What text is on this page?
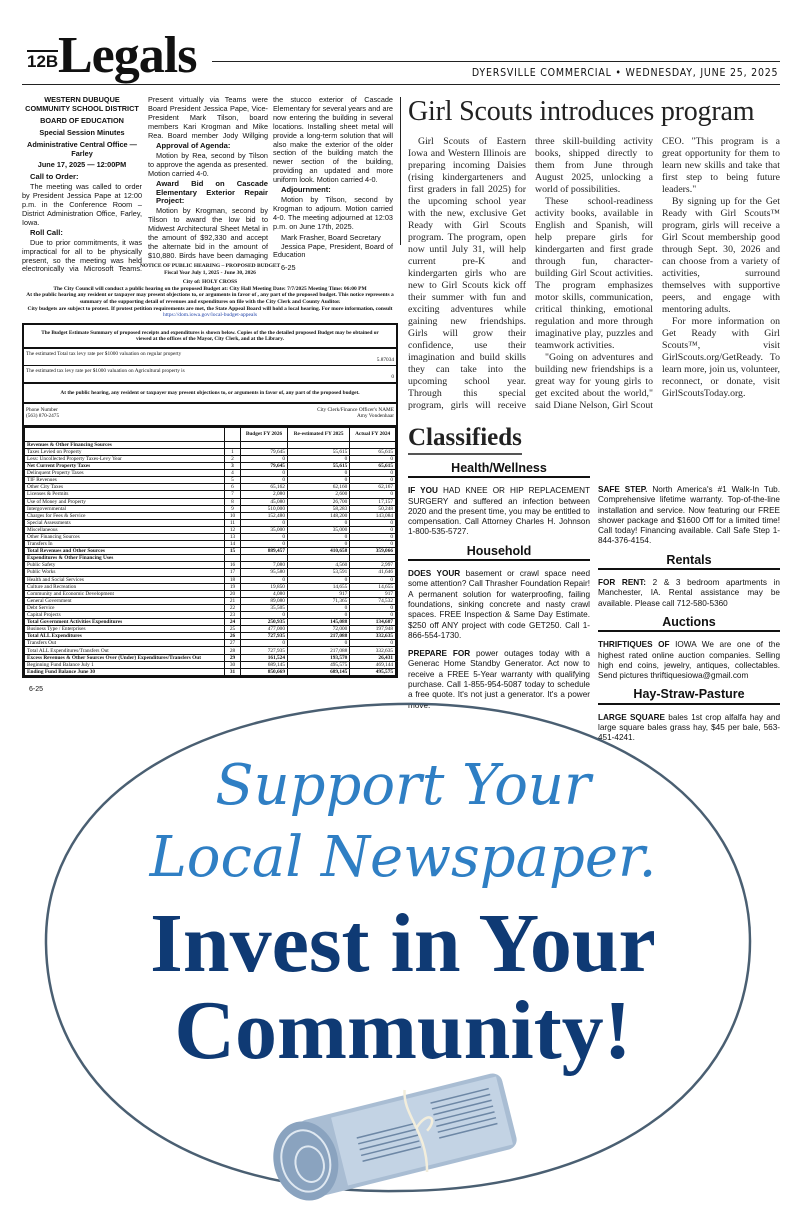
12B Legals	DYERSVILLE COMMERCIAL • WEDNESDAY, JUNE 25, 2025
WESTERN DUBUQUE COMMUNITY SCHOOL DISTRICT
BOARD OF EDUCATION
Special Session Minutes
Administrative Central Office — Farley
June 17, 2025 — 12:00PM
Call to Order:

The meeting was called to order by President Jessica Pape at 12:00 p.m. in the Conference Room – District Administration Office, Farley, Iowa.

Roll Call:

Due to prior commitments, it was impractical for all to be physically present, so the meeting was held electronically via Microsoft Teams.

Present virtually via Teams were Board President Jessica Pape, Vice-President Mark Tilson, board members Kari Krogman and Mike Rea. Board member Jody Willging

Approval of Agenda:

Motion by Rea, second by Tilson to approve the agenda as presented. Motion carried 4-0.

Award Bid on Cascade Elementary Exterior Repair Project:

Motion by Krogman, second by Tilson to award the low bid to Midwest Architectural Sheet Metal in the amount of $92,330 and accept the alternate bid in the amount of $10,880. Birds have been damaging

the stucco exterior of Cascade Elementary for several years and are now entering the building in several locations. Installing sheet metal will provide a long-term solution that will also make the exterior of the older section of the building match the newer section of the building, providing an updated and more uniform look. Motion carried 4-0.

Adjournment:

Motion by Tilson, second by Krogman to adjourn. Motion carried 4-0. The meeting adjourned at 12:03 p.m. on June 17th, 2025.

Mark Frasher, Board Secretary

Jessica Pape, President, Board of Education

6-25

NOTICE OF PUBLIC HEARING – PROPOSED BUDGET
Fiscal Year July 1, 2025 - June 30, 2026
City of: HOLY CROSS
The City Council will conduct a public hearing on the proposed Budget at: City Hall Meeting Date: 7/7/2025 Meeting Time: 06:00 PM
At the public hearing any resident or taxpayer may present objections to, or arguments in favor of , any part of the proposed budget. This notice represents a summary of the supporting detail of revenues and expenditures on file with the City Clerk and County Auditor.
City budgets are subject to protest. If protest petition requirements are met, the State Appeal Board will hold a local hearing. For more information, consult
https://dom.iowa.gov/local-budget-appeals
The Budget Estimate Summary of proposed receipts and expenditures is shown below. Copies of the the detailed proposed Budget may be obtained or viewed at the offices of the Mayor, City Clerk, and at the Library.
The estimated Total tax levy rate per $1000 valuation on regular property
5.87034
The estimated tax levy rate per $1000 valuation on Agricultural property is
0
At the public hearing, any resident or taxpayer may present objections to, or arguments in favor of, any part of the proposed budget.
Phone Number
(563) 870-2475
City Clerk/Finance Officer's NAME
Amy Vondenhaar
		Budget FY 2026	Re-estimated FY 2025	Actual FY 2024
Revenues & Other Financing Sources				
Taxes Levied on Property	1	79,645	55,615	65,615
Less: Uncollected Property Taxes-Levy Year	2	0	0	0
Net Current Property Taxes	3	79,645	55,615	65,615
Delinquent Property Taxes	4	0	0	0
TIF Revenues	5	0	0	0
Other City Taxes	6	65,162	62,160	62,167
Licenses & Permits	7	2,080	2,600	0
Use of Money and Property	8	45,080	26,700	17,157
Intergovernmental	9	510,000	58,283	50,248
Charges for Fees & Service	10	152,480	148,200	143,084
Special Assessments	11	0	0	0
Miscellaneous	12	35,000	35,000	0
Other Financing Sources	13	0	0	0
Transfers In	14	0	0	0
Total Revenues and Other Sources	15	889,457	410,658	359,066
Expenditures & Other Financing Uses				
Public Safety	16	7,080	4,560	2,997
Public Works	17	95,580	53,591	41,646
Health and Social Services	18	0	0	0
Culture and Recreation	19	19,850	14,655	14,655
Community and Economic Development	20	4,080	917	917
General Government	21	89,080	71,365	74,532
Debt Service	22	35,505	0	0
Capital Projects	23	0	0	0
Total Government Activities Expenditures	24	250,935	145,088	134,687
Business Type / Enterprises	25	477,000	72,000	197,948
Total ALL Expenditures	26	727,935	217,088	332,635
Transfers Out	27	0	0	0
Total ALL Expenditures/Transfers Out	28	727,935	217,088	332,635
Excess Revenues & Other Sources Over (Under) Expenditures/Transfers Out	29	161,524	193,570	26,431
Beginning Fund Balance July 1	30	689,145	495,575	469,144
Ending Fund Balance June 30	31	850,669	689,145	495,575
6-25
Girl Scouts introduces program

Girl Scouts of Eastern Iowa and Western Illinois are preparing incoming Daisies (rising kindergarteners and first graders in fall 2025) for the upcoming school year with the new, exclusive Get Ready with Girl Scouts program. The program, open now until July 31, will help current pre-K and kindergarten girls who are new to Girl Scouts kick off their summer with fun and exciting adventures while gaining new friendships. Girls will grow their confidence, use their imagination and build skills they can take into the upcoming school year. Through this special program, girls will receive three skill-building activity books, shipped directly to them from June through August 2025, unlocking a world of possibilities.

These school-readiness activity books, available in English and Spanish, will help prepare girls for kindergarten and first grade through fun, character-building Girl Scout activities. The program emphasizes motor skills, communication, critical thinking, emotional regulation and more through imaginative play, puzzles and teamwork activities.

"Going on adventures and building new friendships is a great way for young girls to get excited about the world," said Diane Nelson, Girl Scout CEO. "This program is a great opportunity for them to learn new skills and take that first step to being future leaders."

By signing up for the Get Ready with Girl Scouts™ program, girls will receive a Girl Scout membership good through Sept. 30, 2026 and can choose from a variety of activities, surround themselves with supportive peers, and engage with mentoring adults.

For more information on Get Ready with Girl Scouts™, visit GirlScouts.org/GetReady. To learn more, join us, volunteer, reconnect, or donate, visit GirlScoutsToday.org.

Classifieds
Health/Wellness

IF YOU HAD KNEE OR HIP REPLACEMENT SURGERY and suffered an infection between 2020 and the present time, you may be entitled to compensation. Call Attorney Charles H. Johnson 1-800-535-5727.

Household

DOES YOUR basement or crawl space need some attention? Call Thrasher Foundation Repair! A permanent solution for waterproofing, failing foundations, sinking concrete and nasty crawl spaces. FREE Inspection & Same Day Estimate. $250 off ANY project with code GET250. Call 1-866-554-1730.

PREPARE FOR power outages today with a Generac Home Standby Generator. Act now to receive a FREE 5-Year warranty with qualifying purchase. Call 1-855-954-5087 today to schedule a free quote. It's not just a generator. It's a power move.

SAFE STEP. North America's #1 Walk-In Tub. Comprehensive lifetime warranty. Top-of-the-line installation and service. Now featuring our FREE shower package and $1600 Off for a limited time! Call today! Financing available. Call Safe Step 1-844-376-4154.

Rentals

FOR RENT: 2 & 3 bedroom apartments in Manchester, IA. Rental assistance may be available. Please call 712-580-5360

Auctions

THRIFTIQUES OF IOWA We are one of the highest rated online auction companies. Selling high end coins, jewelry, antiques, collectables. Send pictures thriftiquesiowa@gmail.com

Hay-Straw-Pasture

LARGE SQUARE bales 1st crop alfalfa hay and large square bales grass hay, $45 per bale, 563-451-4241.

Support Your
Local Newspaper.
Invest in Your
Community!
